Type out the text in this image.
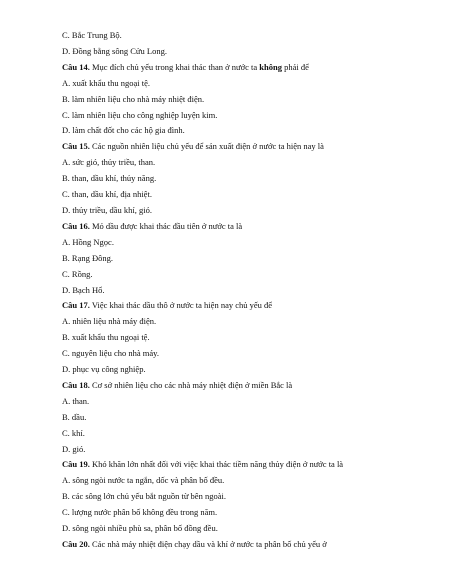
C. Bắc Trung Bộ.
D. Đồng bằng sông Cửu Long.
Câu 14. Mục đích chủ yếu trong khai thác than ở nước ta không phải để
A. xuất khẩu thu ngoại tệ.
B. làm nhiên liệu cho nhà máy nhiệt điện.
C. làm nhiên liệu cho công nghiệp luyện kim.
D. làm chất đốt cho các hộ gia đình.
Câu 15. Các nguồn nhiên liệu chủ yếu để sản xuất điện ở nước ta hiện nay là
A. sức gió, thủy triều, than.
B. than, dầu khí, thủy năng.
C. than, dầu khí, địa nhiệt.
D. thủy triều, dầu khí, gió.
Câu 16. Mỏ dầu được khai thác đầu tiên ở nước ta là
A. Hồng Ngọc.
B. Rạng Đông.
C. Rồng.
D. Bạch Hổ.
Câu 17. Việc khai thác dầu thô ở nước ta hiện nay chủ yếu để
A. nhiên liệu nhà máy điện.
B. xuất khẩu thu ngoại tệ.
C. nguyên liệu cho nhà máy.
D. phục vụ công nghiệp.
Câu 18. Cơ sở nhiên liệu cho các nhà máy nhiệt điện ở miền Bắc là
A. than.
B. dầu.
C. khí.
D. gió.
Câu 19. Khó khăn lớn nhất đối với việc khai thác tiềm năng thủy điện ở nước ta là
A. sông ngòi nước ta ngắn, dốc và phân bố đều.
B. các sông lớn chủ yếu bắt nguồn từ bên ngoài.
C. lượng nước phân bố không đều trong năm.
D. sông ngòi nhiều phù sa, phân bố đồng đều.
Câu 20. Các nhà máy nhiệt điện chạy dầu và khí ở nước ta phân bố chủ yếu ở
